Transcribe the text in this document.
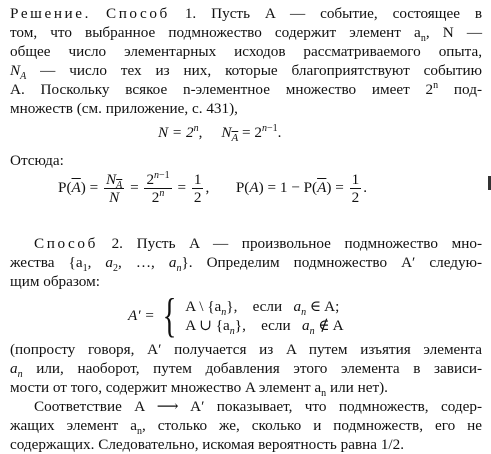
Решение. Способ 1. Пусть A — событие, состоящее в
том, что выбранное подмножество содержит элемент $a_n$, N —
общее число элементарных исходов рассматриваемого опыта,
$N_A$ — число тех из них, которые благоприятствуют событию
A. Поскольку всякое n-элементное множество имеет 2$^n$ под-
множеств (см. приложение, с. 431),
$N = 2^n$,     $N_{\overline{A}} = 2^{n-1}$.
Отсюда:
$P(\overline{A}) = \frac{N_{\overline{A}}}{N} = \frac{2^{n-1}}{2^n} = \frac{1}{2}$ ,       $P(A) = 1 - P(\overline{A}) = \frac{1}{2}$ .
Способ 2. Пусть A — произвольное подмножество мно-
жества {$a_1$, $a_2$, …, $a_n$}. Определим подмножество A′ следую-
щим образом:
A′ = { A \ $\{a_n\}$,    если $a_n$ ∈ A;
A ∪ $\{a_n\}$,    если $a_n$ ∉ A
(попросту говоря, A′ получается из A путем изъятия элемента
$a_n$ или, наоборот, путем добавления этого элемента в зависи-
мости от того, содержит множество A элемент $a_n$ или нет).
Соответствие A ⟶ A′ показывает, что подмножеств, содер-
жащих элемент $a_n$, столько же, сколько и подмножеств, его не
содержащих. Следовательно, искомая вероятность равна 1/2.
